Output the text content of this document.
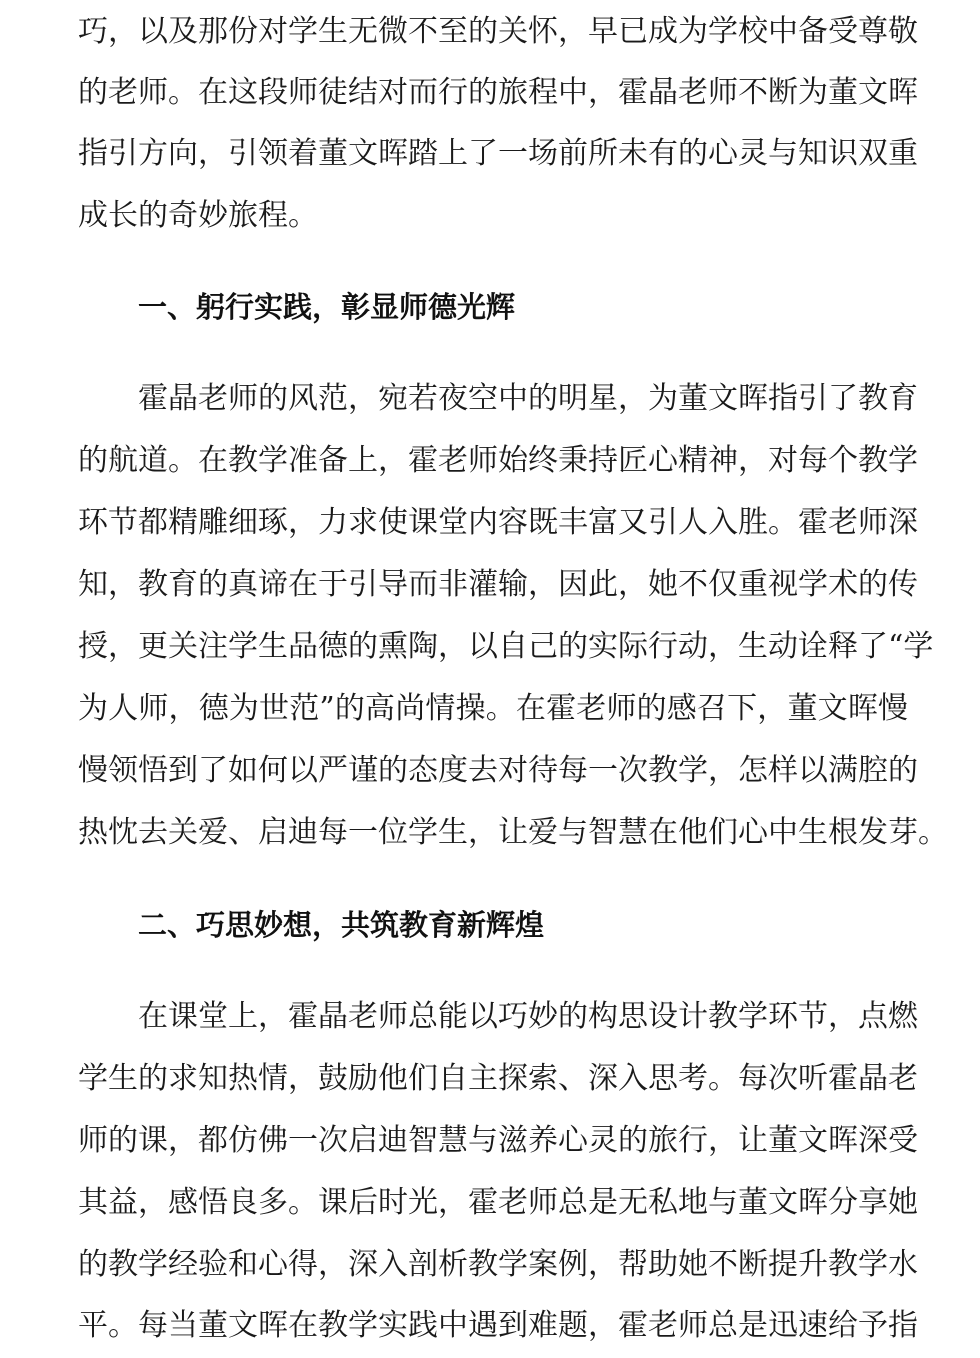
巧，以及那份对学生无微不至的关怀，早已成为学校中备受尊敬
的老师。在这段师徒结对而行的旅程中，霍晶老师不断为董文晖
指引方向，引领着董文晖踏上了一场前所未有的心灵与知识双重
成长的奇妙旅程。
一、躬行实践，彰显师德光辉
霍晶老师的风范，宛若夜空中的明星，为董文晖指引了教育
的航道。在教学准备上，霍老师始终秉持匠心精神，对每个教学
环节都精雕细琢，力求使课堂内容既丰富又引人入胜。霍老师深
知，教育的真谛在于引导而非灌输，因此，她不仅重视学术的传
授，更关注学生品德的熏陶，以自己的实际行动，生动诠释了“学
为人师，德为世范”的高尚情操。在霍老师的感召下，董文晖慢
慢领悟到了如何以严谨的态度去对待每一次教学，怎样以满腔的
热忱去关爱、启迪每一位学生，让爱与智慧在他们心中生根发芽。
二、巧思妙想，共筑教育新辉煌
在课堂上，霍晶老师总能以巧妙的构思设计教学环节，点燃
学生的求知热情，鼓励他们自主探索、深入思考。每次听霍晶老
师的课，都仿佛一次启迪智慧与滋养心灵的旅行，让董文晖深受
其益，感悟良多。课后时光，霍老师总是无私地与董文晖分享她
的教学经验和心得，深入剖析教学案例，帮助她不断提升教学水
平。每当董文晖在教学实践中遇到难题，霍老师总是迅速给予指
